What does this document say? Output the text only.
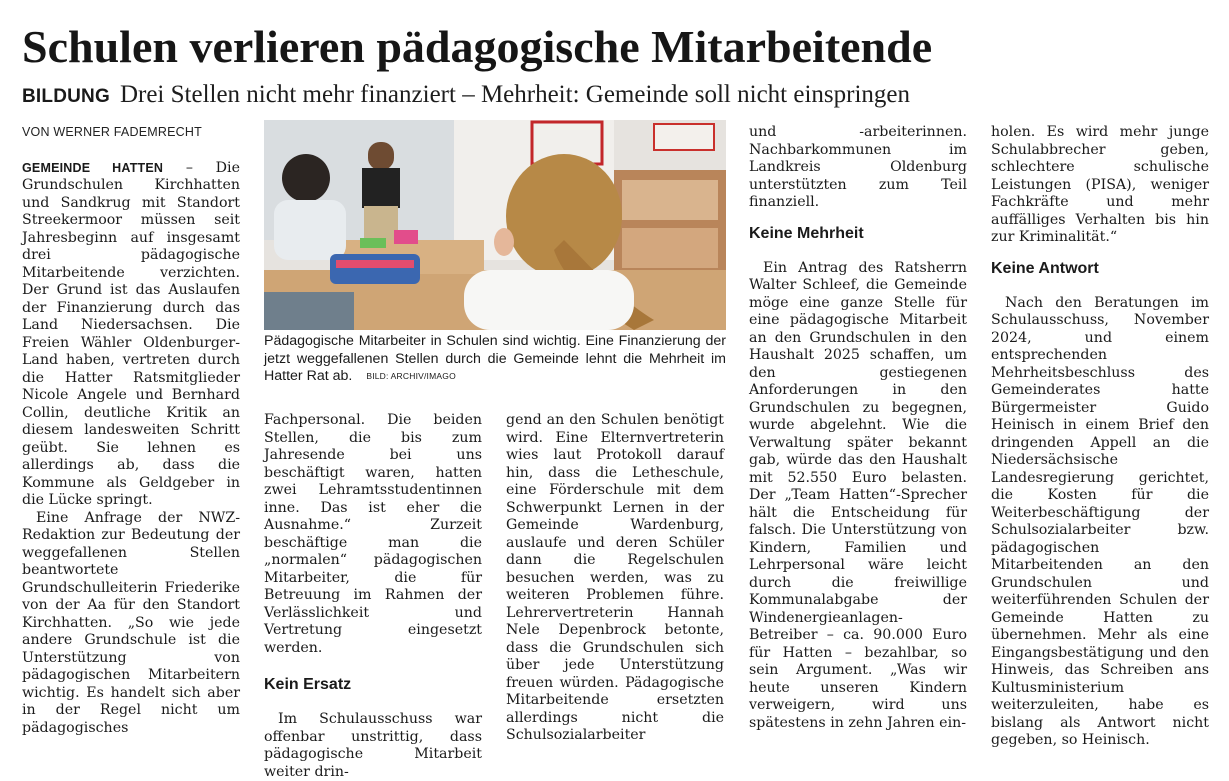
Schulen verlieren pädagogische Mitarbeitende
BILDUNG Drei Stellen nicht mehr finanziert – Mehrheit: Gemeinde soll nicht einspringen
VON WERNER FADEMRECHT

GEMEINDE HATTEN – Die Grundschulen Kirchhatten und Sandkrug mit Standort Streekermoor müssen seit Jahresbeginn auf insgesamt drei pädagogische Mitarbeitende verzichten. Der Grund ist das Auslaufen der Finanzierung durch das Land Niedersachsen. Die Freien Wähler Oldenburger-Land haben, vertreten durch die Hatter Ratsmitglieder Nicole Angele und Bernhard Collin, deutliche Kritik an diesem landesweiten Schritt geübt. Sie lehnen es allerdings ab, dass die Kommune als Geldgeber in die Lücke springt.

Eine Anfrage der NWZ-Redaktion zur Bedeutung der weggefallenen Stellen beantwortete Grundschulleiterin Friederike von der Aa für den Standort Kirchhatten. „So wie jede andere Grundschule ist die Unterstützung von pädagogischen Mitarbeitern wichtig. Es handelt sich aber in der Regel nicht um pädagogisches

Pädagogische Mitarbeiter in Schulen sind wichtig. Eine Finanzierung der jetzt weggefallenen Stellen durch die Gemeinde lehnt die Mehrheit im Hatter Rat ab. BILD: ARCHIV/IMAGO

Fachpersonal. Die beiden Stellen, die bis zum Jahresende bei uns beschäftigt waren, hatten zwei Lehramtsstudentinnen inne. Das ist eher die Ausnahme.“ Zurzeit beschäftige man die „normalen“ pädagogischen Mitarbeiter, die für Betreuung im Rahmen der Verlässlichkeit und Vertretung eingesetzt werden.

Kein Ersatz

Im Schulausschuss war offenbar unstrittig, dass pädagogische Mitarbeit weiter drin-

gend an den Schulen benötigt wird. Eine Elternvertreterin wies laut Protokoll darauf hin, dass die Letheschule, eine Förderschule mit dem Schwerpunkt Lernen in der Gemeinde Wardenburg, auslaufe und deren Schüler dann die Regelschulen besuchen werden, was zu weiteren Problemen führe. Lehrervertreterin Hannah Nele Depenbrock betonte, dass die Grundschulen sich über jede Unterstützung freuen würden. Pädagogische Mitarbeitende ersetzten allerdings nicht die Schulsozialarbeiter

und -arbeiterinnen. Nachbarkommunen im Landkreis Oldenburg unterstützten zum Teil finanziell.

Keine Mehrheit

Ein Antrag des Ratsherrn Walter Schleef, die Gemeinde möge eine ganze Stelle für eine pädagogische Mitarbeit an den Grundschulen in den Haushalt 2025 schaffen, um den gestiegenen Anforderungen in den Grundschulen zu begegnen, wurde abgelehnt. Wie die Verwaltung später bekannt gab, würde das den Haushalt mit 52.550 Euro belasten. Der „Team Hatten“-Sprecher hält die Entscheidung für falsch. Die Unterstützung von Kindern, Familien und Lehrpersonal wäre leicht durch die freiwillige Kommunalabgabe der Windenergieanlagen-Betreiber – ca. 90.000 Euro für Hatten – bezahlbar, so sein Argument. „Was wir heute unseren Kindern verweigern, wird uns spätestens in zehn Jahren ein-

holen. Es wird mehr junge Schulabbrecher geben, schlechtere schulische Leistungen (PISA), weniger Fachkräfte und mehr auffälliges Verhalten bis hin zur Kriminalität.“

Keine Antwort

Nach den Beratungen im Schulausschuss, November 2024, und einem entsprechenden Mehrheitsbeschluss des Gemeinderates hatte Bürgermeister Guido Heinisch in einem Brief den dringenden Appell an die Niedersächsische Landesregierung gerichtet, die Kosten für die Weiterbeschäftigung der Schulsozialarbeiter bzw. pädagogischen Mitarbeitenden an den Grundschulen und weiterführenden Schulen der Gemeinde Hatten zu übernehmen. Mehr als eine Eingangsbestätigung und den Hinweis, das Schreiben ans Kultusministerium weiterzuleiten, habe es bislang als Antwort nicht gegeben, so Heinisch.
